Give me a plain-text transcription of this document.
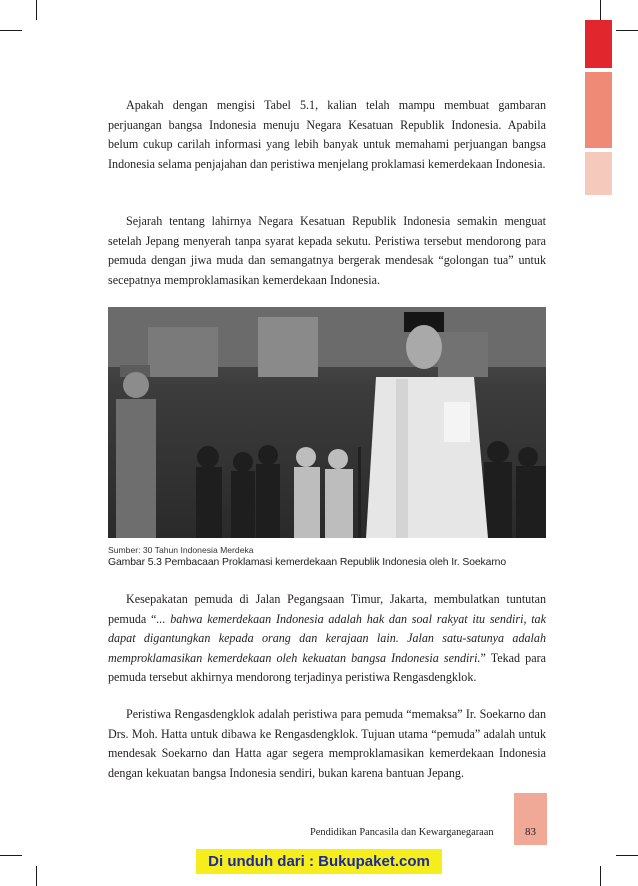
Apakah dengan mengisi Tabel 5.1, kalian telah mampu membuat gambaran perjuangan bangsa Indonesia menuju Negara Kesatuan Republik Indonesia. Apabila belum cukup carilah informasi yang lebih banyak untuk memahami perjuangan bangsa Indonesia selama penjajahan dan peristiwa menjelang proklamasi kemerdekaan Indonesia.

Sejarah tentang lahirnya Negara Kesatuan Republik Indonesia semakin menguat setelah Jepang menyerah tanpa syarat kepada sekutu. Peristiwa tersebut mendorong para pemuda dengan jiwa muda dan semangatnya bergerak mendesak “golongan tua” untuk secepatnya memproklamasikan kemerdekaan Indonesia.

Sumber: 30 Tahun Indonesia Merdeka
Gambar 5.3 Pembacaan Proklamasi kemerdekaan Republik Indonesia oleh Ir. Soekarno

Kesepakatan pemuda di Jalan Pegangsaan Timur, Jakarta, membulatkan tuntutan pemuda “... bahwa kemerdekaan Indonesia adalah hak dan soal rakyat itu sendiri, tak dapat digantungkan kepada orang dan kerajaan lain. Jalan satu-satunya adalah memproklamasikan kemerdekaan oleh kekuatan bangsa Indonesia sendiri.” Tekad para pemuda tersebut akhirnya mendorong terjadinya peristiwa Rengasdengklok.

Peristiwa Rengasdengklok adalah peristiwa para pemuda “memaksa” Ir. Soekarno dan Drs. Moh. Hatta untuk dibawa ke Rengasdengklok. Tujuan utama “pemuda” adalah untuk mendesak Soekarno dan Hatta agar segera memproklamasikan kemerdekaan Indonesia dengan kekuatan bangsa Indonesia sendiri, bukan karena bantuan Jepang.

Pendidikan Pancasila dan Kewarganegaraan	83
Di unduh dari : Bukupaket.com
